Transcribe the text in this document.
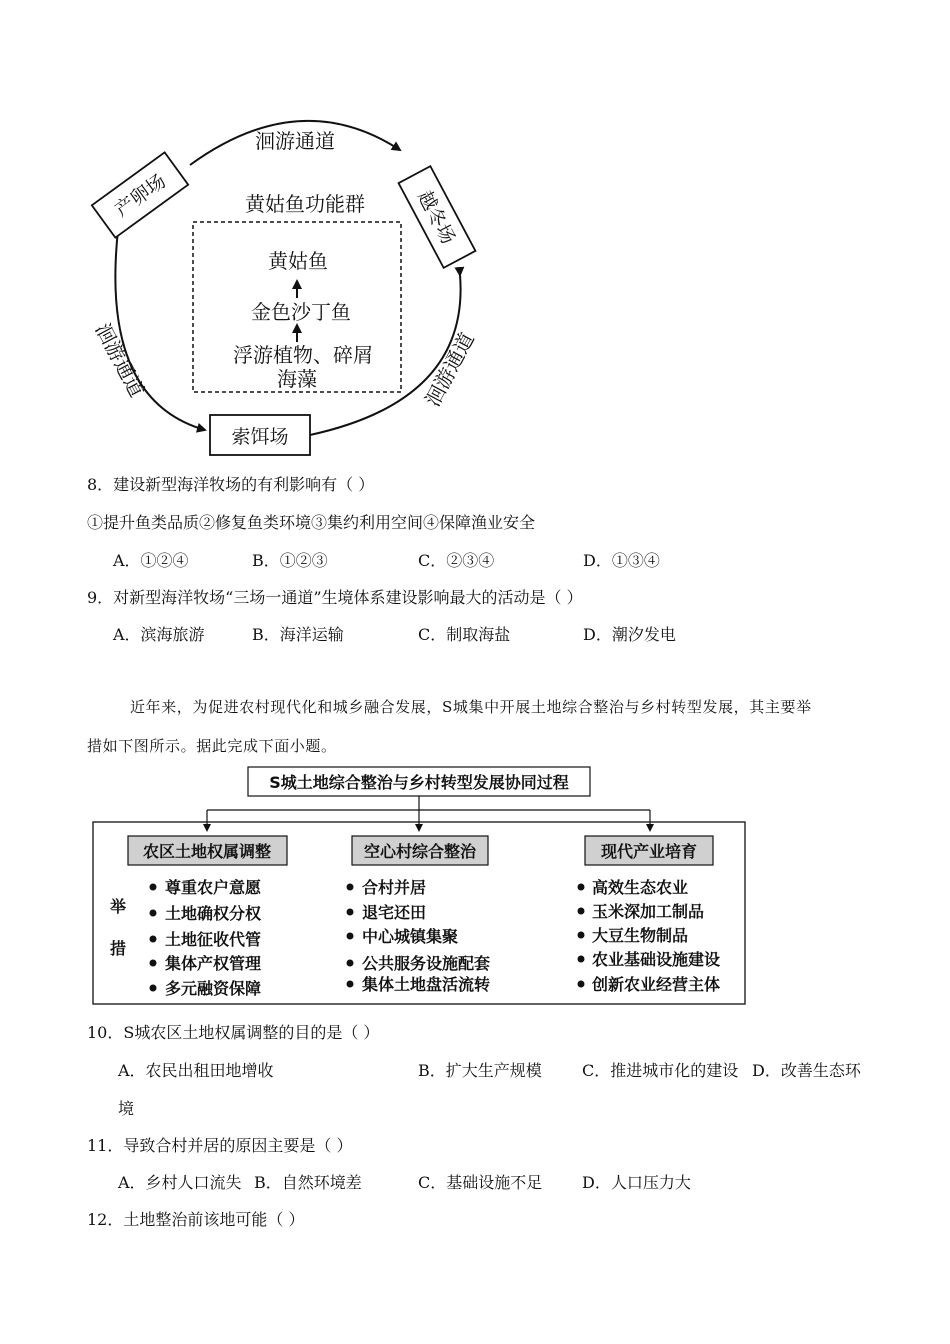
洄游通道
产卵场	越冬场
洄游通道	洄游通道
索饵场
黄姑鱼功能群
黄姑鱼
金色沙丁鱼
浮游植物、碎屑
海藻
8．建设新型海洋牧场的有利影响有（ ）
①提升鱼类品质②修复鱼类环境③集约利用空间④保障渔业安全
A．①②④	B．①②③	C．②③④	D．①③④
9．对新型海洋牧场“三场一通道”生境体系建设影响最大的活动是（ ）
A．滨海旅游	B．海洋运输	C．制取海盐	D．潮汐发电
近年来，为促进农村现代化和城乡融合发展，S城集中开展土地综合整治与乡村转型发展，其主要举
措如下图所示。据此完成下面小题。
S城土地综合整治与乡村转型发展协同过程
举
措
农区土地权属调整	空心村综合整治	现代产业培育
尊重农户意愿
土地确权分权
土地征收代管
集体产权管理
多元融资保障
合村并居
退宅还田
中心城镇集聚
公共服务设施配套
集体土地盘活流转
高效生态农业
玉米深加工制品
大豆生物制品
农业基础设施建设
创新农业经营主体
10．S城农区土地权属调整的目的是（ ）
A．农民出租田地增收	B．扩大生产规模	C．推进城市化的建设 D．改善生态环
境
11．导致合村并居的原因主要是（ ）
A．乡村人口流失 B．自然环境差	C．基础设施不足 D．人口压力大
12．土地整治前该地可能（ ）
